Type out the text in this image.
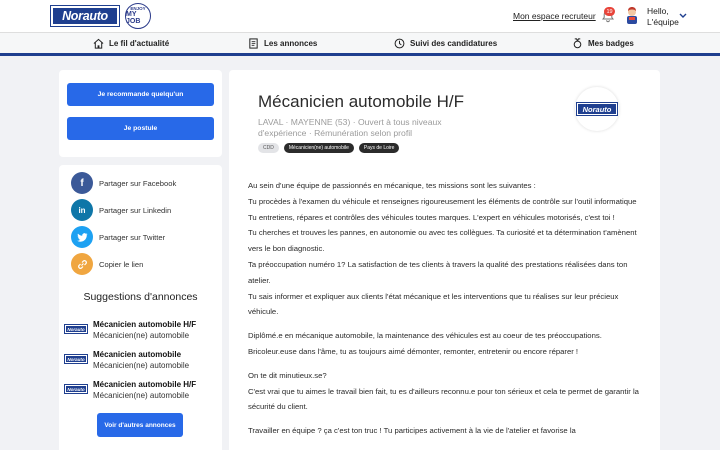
Norauto
ENJOY
MY JOB
Mon espace recruteur	19	Hello,
L'équipe
Le fil d'actualité	Les annonces	Suivi des candidatures	Mes badges
Je recommande quelqu'un
Je postule
f	Partager sur Facebook
in	Partager sur Linkedin
Partager sur Twitter
Copier le lien
Suggestions d'annonces
Norauto Mécanicien automobile H/F
Mécanicien(ne) automobile
Norauto Mécanicien automobile
Mécanicien(ne) automobile
Norauto Mécanicien automobile H/F
Mécanicien(ne) automobile
Voir d'autres annonces
Mécanicien automobile H/F
LAVAL · MAYENNE (53) · Ouvert à tous niveaux d'expérience · Rémunération selon profil
CDD	Mécanicien(ne) automobile	Pays de Loire
Norauto

Au sein d'une équipe de passionnés en mécanique, tes missions sont les suivantes :

Tu procèdes à l'examen du véhicule et renseignes rigoureusement les éléments de contrôle sur l'outil informatique

Tu entretiens, répares et contrôles des véhicules toutes marques. L'expert en véhicules motorisés, c'est toi !

Tu cherches et trouves les pannes, en autonomie ou avec tes collègues. Ta curiosité et ta détermination t'amènent vers le bon diagnostic.

Ta préoccupation numéro 1? La satisfaction de tes clients à travers la qualité des prestations réalisées dans ton atelier.

Tu sais informer et expliquer aux clients l'état mécanique et les interventions que tu réalises sur leur précieux véhicule.

Diplômé.e en mécanique automobile, la maintenance des véhicules est au coeur de tes préoccupations.

Bricoleur.euse dans l'âme, tu as toujours aimé démonter, remonter, entretenir ou encore réparer !

On te dit minutieux.se?

C'est vrai que tu aimes le travail bien fait, tu es d'ailleurs reconnu.e pour ton sérieux et cela te permet de garantir la sécurité du client.

Travailler en équipe ? ça c'est ton truc ! Tu participes activement à la vie de l'atelier et favorise la
